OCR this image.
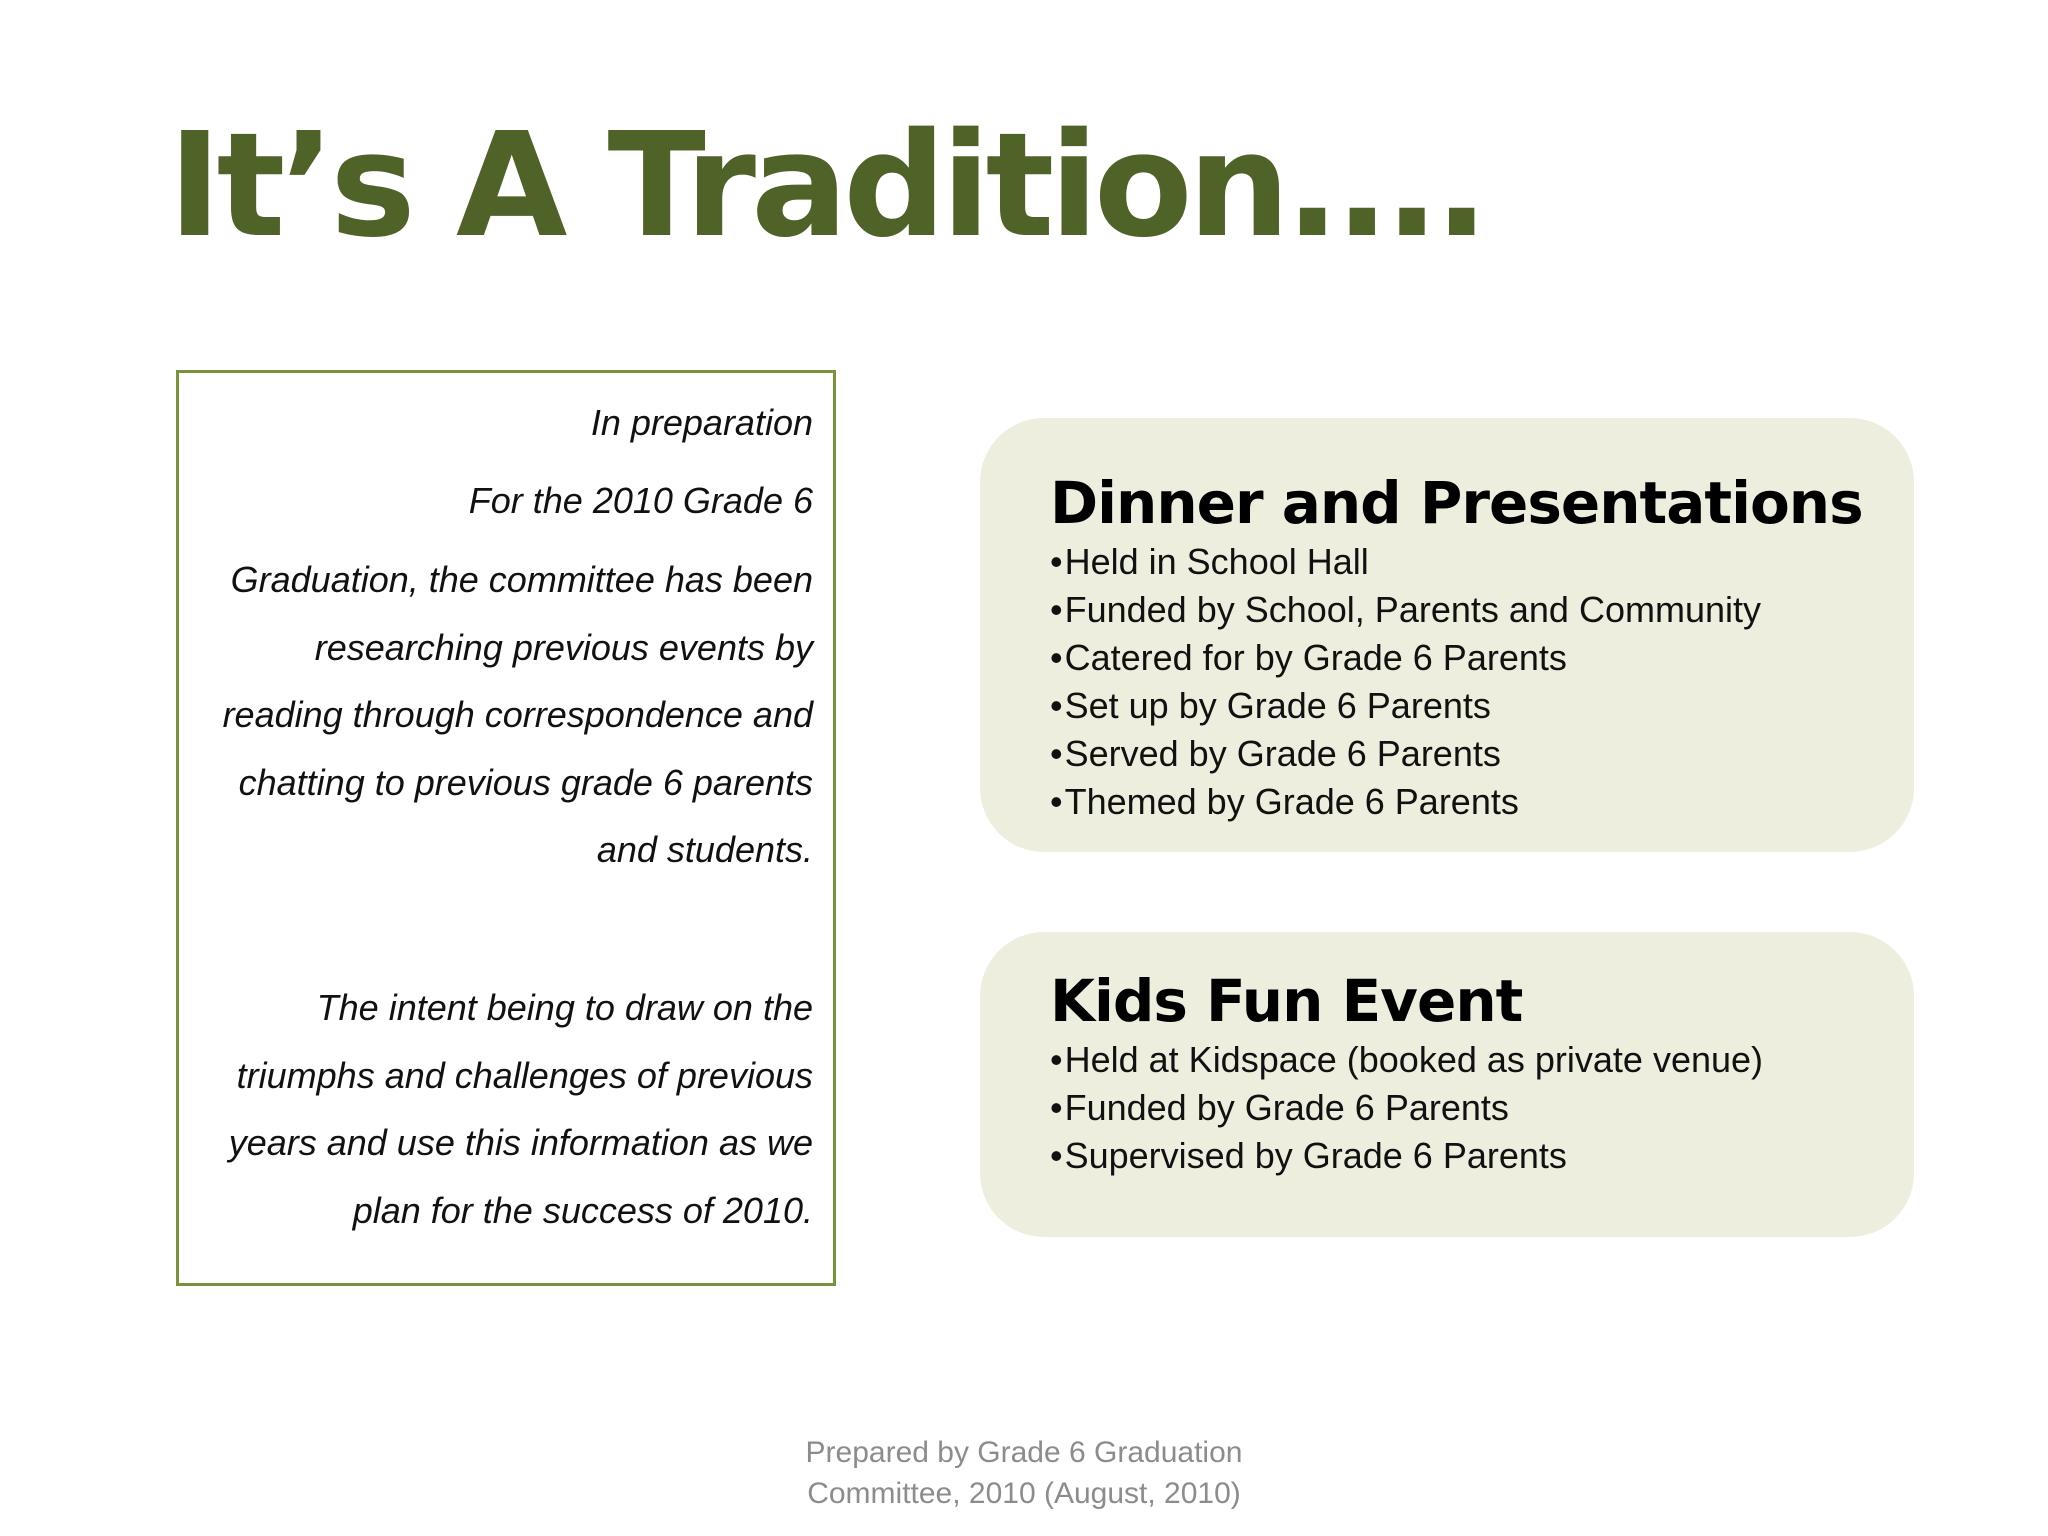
It’s A Tradition....

In preparation

For the 2010 Grade 6

Graduation, the committee has been

researching previous events by

reading through correspondence and

chatting to previous grade 6 parents

and students.

The intent being to draw on the

triumphs and challenges of previous

years and use this information as we

plan for the success of 2010.

Dinner and Presentations
•Held in School Hall
•Funded by School, Parents and Community
•Catered for by Grade 6 Parents
•Set up by Grade 6 Parents
•Served by Grade 6 Parents
•Themed by Grade 6 Parents
Kids Fun Event
•Held at Kidspace (booked as private venue)
•Funded by Grade 6 Parents
•Supervised by Grade 6 Parents
Prepared by Grade 6 Graduation
Committee, 2010 (August, 2010)
